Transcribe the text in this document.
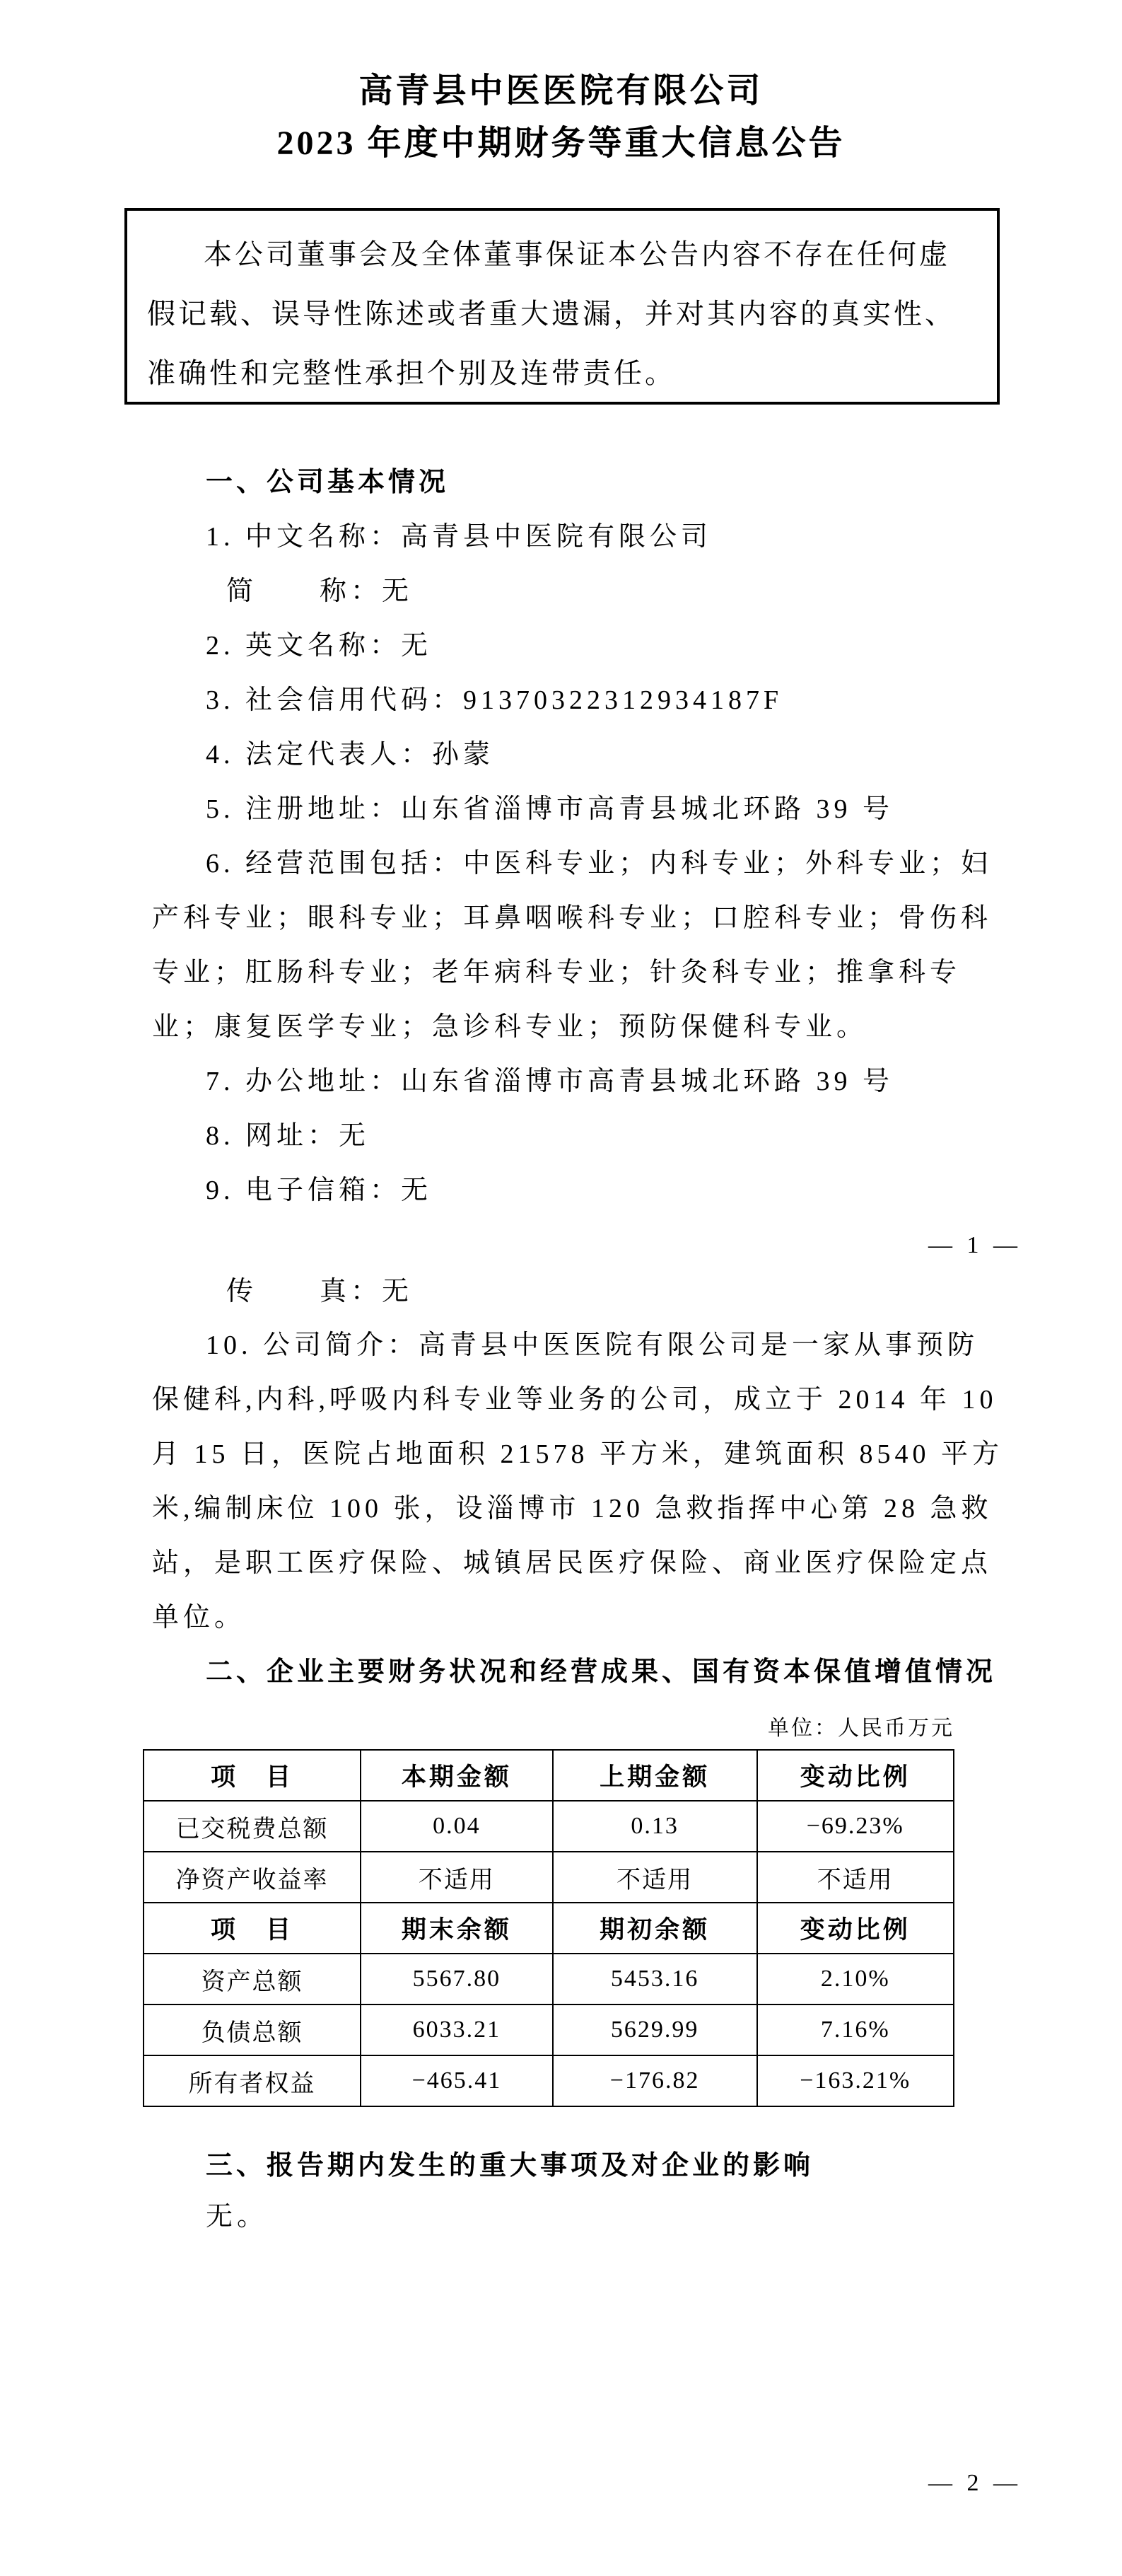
高青县中医医院有限公司
2023 年度中期财务等重大信息公告

本公司董事会及全体董事保证本公告内容不存在任何虚假记载、误导性陈述或者重大遗漏，并对其内容的真实性、准确性和完整性承担个别及连带责任。

一、公司基本情况
1. 中文名称：高青县中医院有限公司
简　　称：无
2. 英文名称：无
3. 社会信用代码：91370322312934187F
4. 法定代表人：孙蒙
5. 注册地址：山东省淄博市高青县城北环路 39 号

6. 经营范围包括：中医科专业；内科专业；外科专业；妇产科专业；眼科专业；耳鼻咽喉科专业；口腔科专业；骨伤科专业；肛肠科专业；老年病科专业；针灸科专业；推拿科专业；康复医学专业；急诊科专业；预防保健科专业。

7. 办公地址：山东省淄博市高青县城北环路 39 号
8. 网址：无
9. 电子信箱：无
— 1 —
传　　真：无

10. 公司简介：高青县中医医院有限公司是一家从事预防保健科,内科,呼吸内科专业等业务的公司，成立于 2014 年 10 月 15 日，医院占地面积 21578 平方米，建筑面积 8540 平方米,编制床位 100 张，设淄博市 120 急救指挥中心第 28 急救站，是职工医疗保险、城镇居民医疗保险、商业医疗保险定点单位。

二、企业主要财务状况和经营成果、国有资本保值增值情况
单位：人民币万元
项　目	本期金额	上期金额	变动比例
已交税费总额	0.04	0.13	−69.23%
净资产收益率	不适用	不适用	不适用
项　目	期末余额	期初余额	变动比例
资产总额	5567.80	5453.16	2.10%
负债总额	6033.21	5629.99	7.16%
所有者权益	−465.41	−176.82	−163.21%
三、报告期内发生的重大事项及对企业的影响
无。
— 2 —
